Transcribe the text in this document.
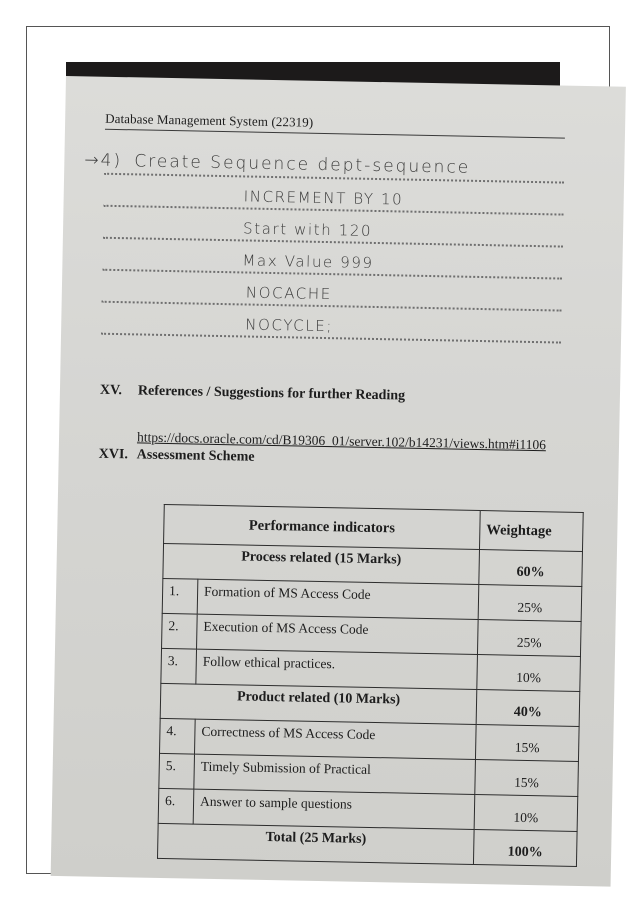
Database Management System (22319)
→4) Create Sequence dept-sequence
INCREMENT BY 10
Start with 120
Max Value 999
NOCACHE
NOCYCLE;
XV. References / Suggestions for further Reading
https://docs.oracle.com/cd/B19306_01/server.102/b14231/views.htm#i1106
XVI. Assessment Scheme
Performance indicators		Weightage
Process related (15 Marks)		60%
1.	Formation of MS Access Code	25%
2.	Execution of MS Access Code	25%
3.	Follow ethical practices.	10%
Product related (10 Marks)		40%
4.	Correctness of MS Access Code	15%
5.	Timely Submission of Practical	15%
6.	Answer to sample questions	10%
Total (25 Marks)		100%
